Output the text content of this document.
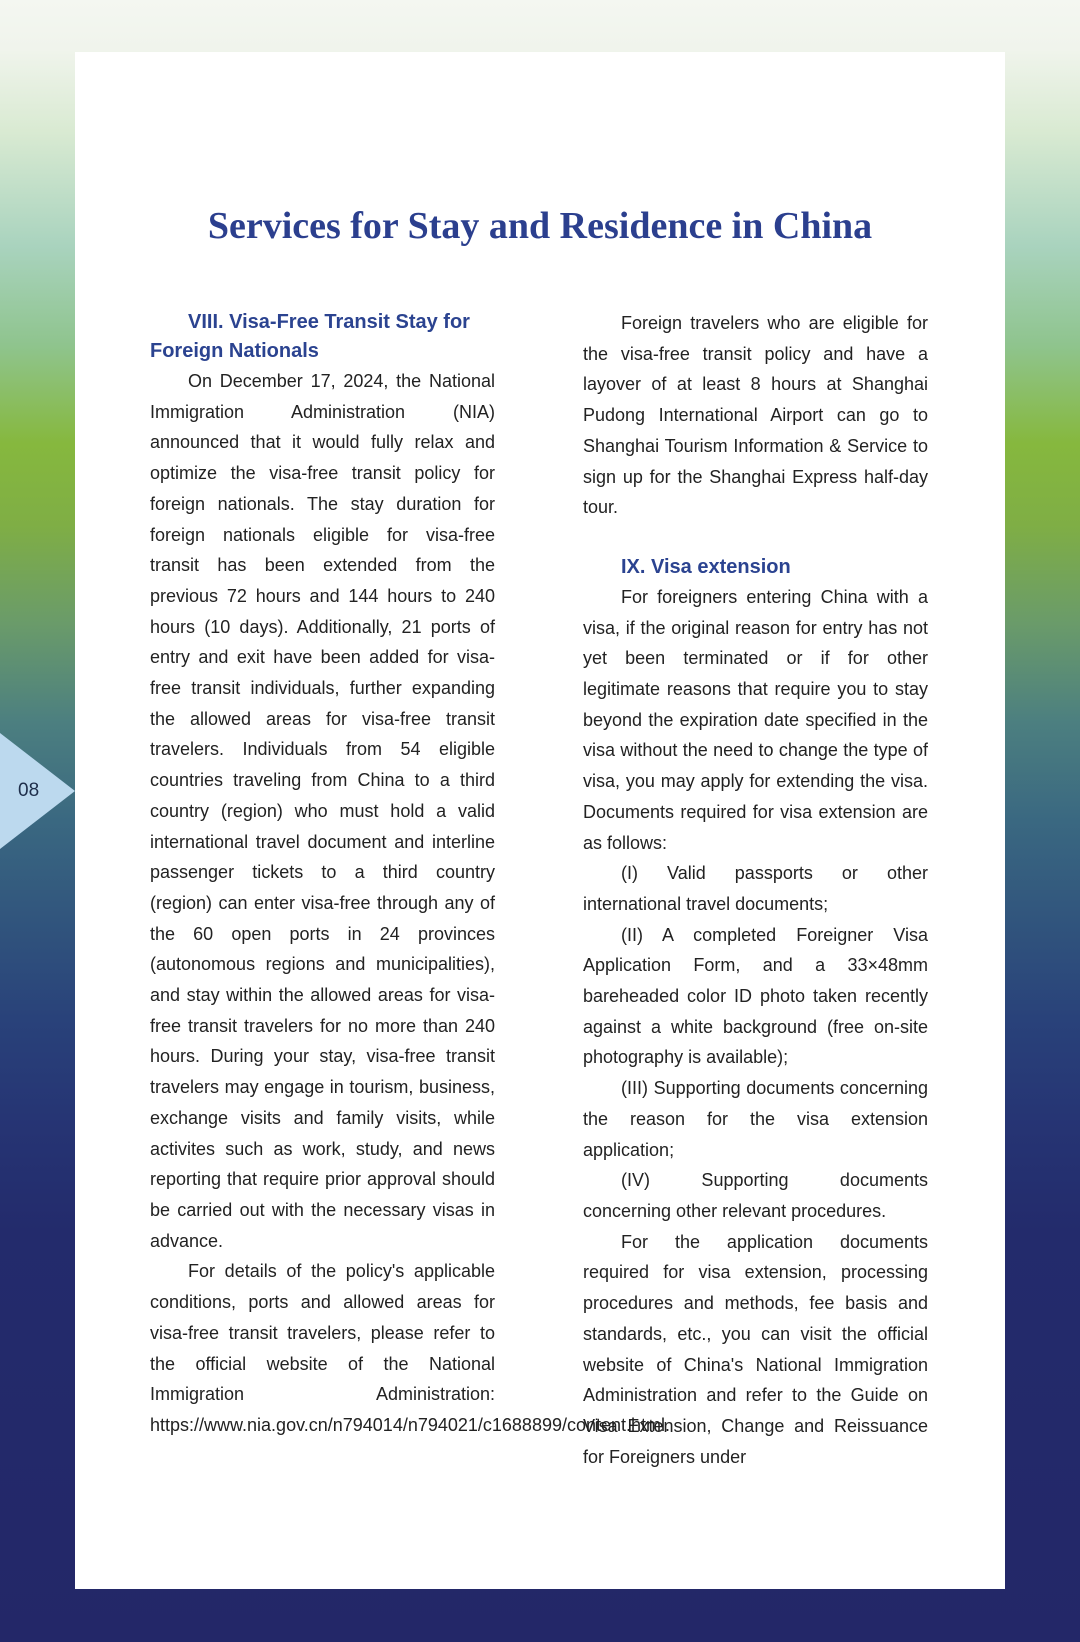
Services for Stay and Residence in China
08
VIII. Visa-Free Transit Stay for Foreign Nationals

On December 17, 2024, the National Immigration Administration (NIA) announced that it would fully relax and optimize the visa-free transit policy for foreign nationals. The stay duration for foreign nationals eligible for visa-free transit has been extended from the previous 72 hours and 144 hours to 240 hours (10 days). Additionally, 21 ports of entry and exit have been added for visa-free transit individuals, further expanding the allowed areas for visa-free transit travelers. Individuals from 54 eligible countries traveling from China to a third country (region) who must hold a valid international travel document and interline passenger tickets to a third country (region) can enter visa-free through any of the 60 open ports in 24 provinces (autonomous regions and municipalities), and stay within the allowed areas for visa-free transit travelers for no more than 240 hours. During your stay, visa-free transit travelers may engage in tourism, business, exchange visits and family visits, while activites such as work, study, and news reporting that require prior approval should be carried out with the necessary visas in advance.

For details of the policy's applicable conditions, ports and allowed areas for visa-free transit travelers, please refer to the official website of the National Immigration Administration: https://www.nia.gov.cn/n794014/n794021/c1688899/content.html.

Foreign travelers who are eligible for the visa-free transit policy and have a layover of at least 8 hours at Shanghai Pudong International Airport can go to Shanghai Tourism Information & Service to sign up for the Shanghai Express half-day tour.

IX. Visa extension

For foreigners entering China with a visa, if the original reason for entry has not yet been terminated or if for other legitimate reasons that require you to stay beyond the expiration date specified in the visa without the need to change the type of visa, you may apply for extending the visa. Documents required for visa extension are as follows:

(I) Valid passports or other international travel documents;

(II) A completed Foreigner Visa Application Form, and a 33×48mm bareheaded color ID photo taken recently against a white background (free on-site photography is available);

(III) Supporting documents concerning the reason for the visa extension application;

(IV) Supporting documents concerning other relevant procedures.

For the application documents required for visa extension, processing procedures and methods, fee basis and standards, etc., you can visit the official website of China's National Immigration Administration and refer to the Guide on Visa Extension, Change and Reissuance for Foreigners under
